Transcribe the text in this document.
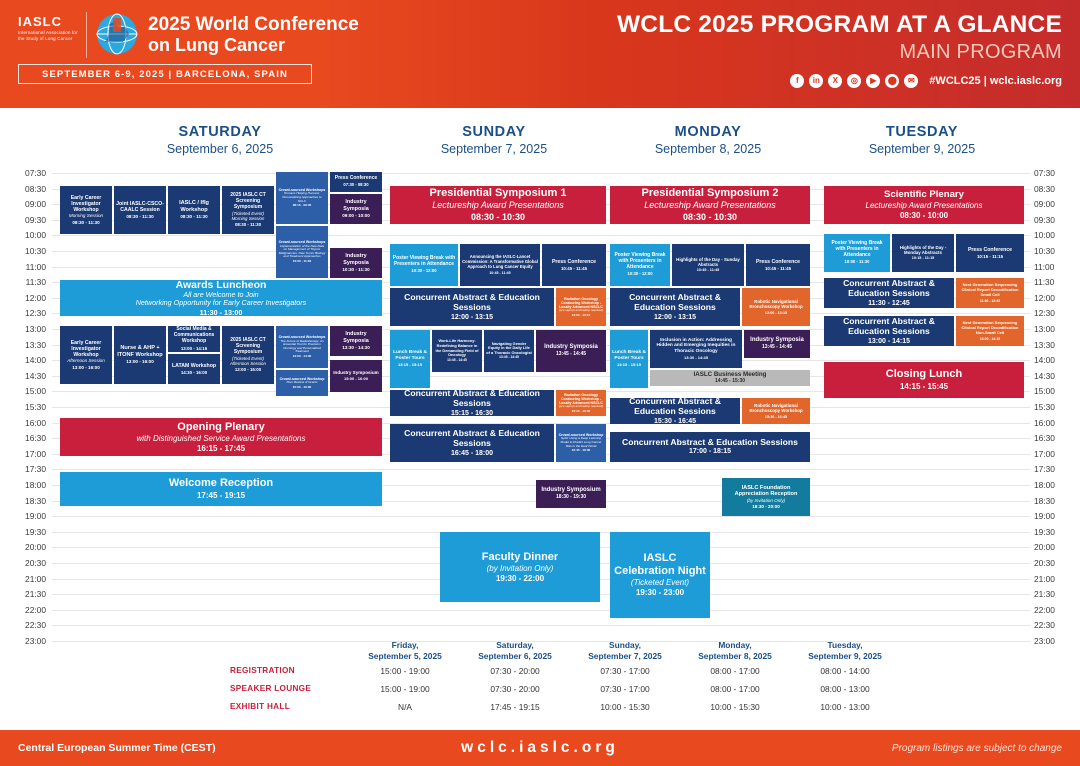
IASLC
International Association for the Study of Lung Cancer
2025 World Conference
on Lung Cancer
SEPTEMBER 6-9, 2025 | BARCELONA, SPAIN
WCLC 2025 PROGRAM AT A GLANCE
MAIN PROGRAM
f	in	X	◎	▶	⬤	✉	#WCLC25 | wclc.iaslc.org
SATURDAY
September 6, 2025
SUNDAY
September 7, 2025
MONDAY
September 8, 2025
TUESDAY
September 9, 2025
07:30
08:30
09:00
09:30
10:00
10:30
11:00
11:30
12:00
12:30
13:00
13:30
14:00
14:30
15:00
15:30
16:00
16:30
17:00
17:30
18:00
18:30
19:00
19:30
20:00
20:30
21:00
21:30
22:00
22:30
23:00
07:30
08:30
09:00
09:30
10:00
10:30
11:00
11:30
12:00
12:30
13:00
13:30
14:00
14:30
15:00
15:30
16:00
16:30
17:00
17:30
18:00
18:30
19:00
19:30
20:00
20:30
21:00
21:30
22:00
22:30
23:00
Early Career Investigator Workshop
Morning Session
08:30 - 11:30
Joint IASLC-CSCO-CAALC Session
08:30 - 11:30
IASLC / IfIg Workshop
08:30 - 11:30
2025 IASLC CT Screening Symposium
(Ticketed Event)
Morning Session
08:30 - 11:30
Crowd-sourced Workshops
Humans Helping Humans: Personalizing Approaches to SCLC
08:15 - 09:45
Crowd-sourced Workshops
Implementation of the New Data on Management of Thymic Malignancies. New Tumor Biology and Treatment Approaches
10:00 - 11:30
Press Conference
07:30 - 08:30
Industry Symposia
09:00 - 10:00
Industry Symposia
10:30 - 11:30
Awards Luncheon
All are Welcome to Join
Networking Opportunity for Early Career Investigators
11:30 - 13:00
Early Career Investigator Workshop
Afternoon Session
13:00 - 16:00
Nurse & AHP + ITONF Workshop
13:00 - 16:00
Social Media & Communications Workshop
13:00 - 14:15
LATAM Workshop
14:30 - 16:00
2025 IASLC CT Screening Symposium
(Ticketed Event)
Afternoon Session
13:00 - 16:00
Crowd-sourced Workshops
The Future of Radiotherapy: An Essential Tool for Precision Oncology and Personalized Treatment
13:00 - 14:30
Crowd-sourced Workshop
Peer Review of Grants
15:00 - 16:00
Industry Symposia
13:30 - 14:30
Industry Symposium
15:00 - 16:00
Opening Plenary
with Distinguished Service Award Presentations
16:15 - 17:45
Welcome Reception
17:45 - 19:15
Presidential Symposium 1
Lectureship Award Presentations
08:30 - 10:30
Poster Viewing Break with Presenters in Attendance
10:30 - 12:00
Announcing the IASLC-Lancet Commission: A Transformative Global Approach to Lung Cancer Equity
10:45 - 11:45
Press Conference
10:45 - 11:45
Concurrent Abstract & Education Sessions
12:00 - 13:15
Radiation Oncology Contouring Workshop - Locally Advanced NSCLC
(pre-signup and laptop required)
12:00 - 13:15
Lunch Break & Poster Tours
13:15 - 15:15
Work-Life Harmony: Redefining Balance in the Demanding Field of Oncology
13:45 - 14:45
Navigating Gender Equity in the Daily Life of a Thoracic Oncologist
13:45 - 14:45
Industry Symposia
13:45 - 14:45
Concurrent Abstract & Education Sessions
15:15 - 16:30
Radiation Oncology Contouring Workshop - Locally Advanced NSCLC
(pre-signup and laptop required)
15:15 - 16:30
Concurrent Abstract & Education Sessions
16:45 - 18:00
Crowd-sourced Workshop
Sybil: Using a Deep Learning Model to Predict Lung Cancer Risk in the Real World
16:45 - 18:00
Industry Symposium
18:30 - 19:30
Faculty Dinner
(by Invitation Only)
19:30 - 22:00
Presidential Symposium 2
Lectureship Award Presentations
08:30 - 10:30
Poster Viewing Break with Presenters in Attendance
10:30 - 12:00
Highlights of the Day - Sunday Abstracts
10:45 - 11:45
Press Conference
10:45 - 11:45
Concurrent Abstract & Education Sessions
12:00 - 13:15
Robotic Navigational Bronchoscopy Workshop
12:00 - 13:15
Lunch Break & Poster Tours
13:15 - 15:15
Inclusion in Action: Addressing Hidden and Emerging Inequities in Thoracic Oncology
13:30 - 14:45
Industry Symposia
13:45 - 14:45
IASLC Business Meeting
14:45 - 15:30
Concurrent Abstract & Education Sessions
15:30 - 16:45
Robotic Navigational Bronchoscopy Workshop
15:30 - 16:45
Concurrent Abstract & Education Sessions
17:00 - 18:15
IASLC Foundation Appreciation Reception
(by Invitation Only)
18:30 - 20:00
IASLC Celebration Night
(Ticketed Event)
19:30 - 23:00
Scientific Plenary
Lectureship Award Presentations
08:30 - 10:00
Poster Viewing Break with Presenters in Attendance
10:00 - 11:30
Highlights of the Day - Monday Abstracts
10:15 - 11:15
Press Conference
10:15 - 11:15
Concurrent Abstract & Education Sessions
11:30 - 12:45
Next Generation Sequencing Clinical Report Decodification Small Cell
11:30 - 12:45
Concurrent Abstract & Education Sessions
13:00 - 14:15
Next Generation Sequencing Clinical Report Decodification Non-Small Cell
13:00 - 14:15
Closing Lunch
14:15 - 15:45
Friday,
September 5, 2025
Saturday,
September 6, 2025
Sunday,
September 7, 2025
Monday,
September 8, 2025
Tuesday,
September 9, 2025
REGISTRATION	15:00 - 19:00	07:30 - 20:00	07:30 - 17:00	08:00 - 17:00	08:00 - 14:00
SPEAKER LOUNGE	15:00 - 19:00	07:30 - 20:00	07:30 - 17:00	08:00 - 17:00	08:00 - 13:00
EXHIBIT HALL	N/A	17:45 - 19:15	10:00 - 15:30	10:00 - 15:30	10:00 - 13:00
Central European Summer Time (CEST)	wclc.iaslc.org	Program listings are subject to change
